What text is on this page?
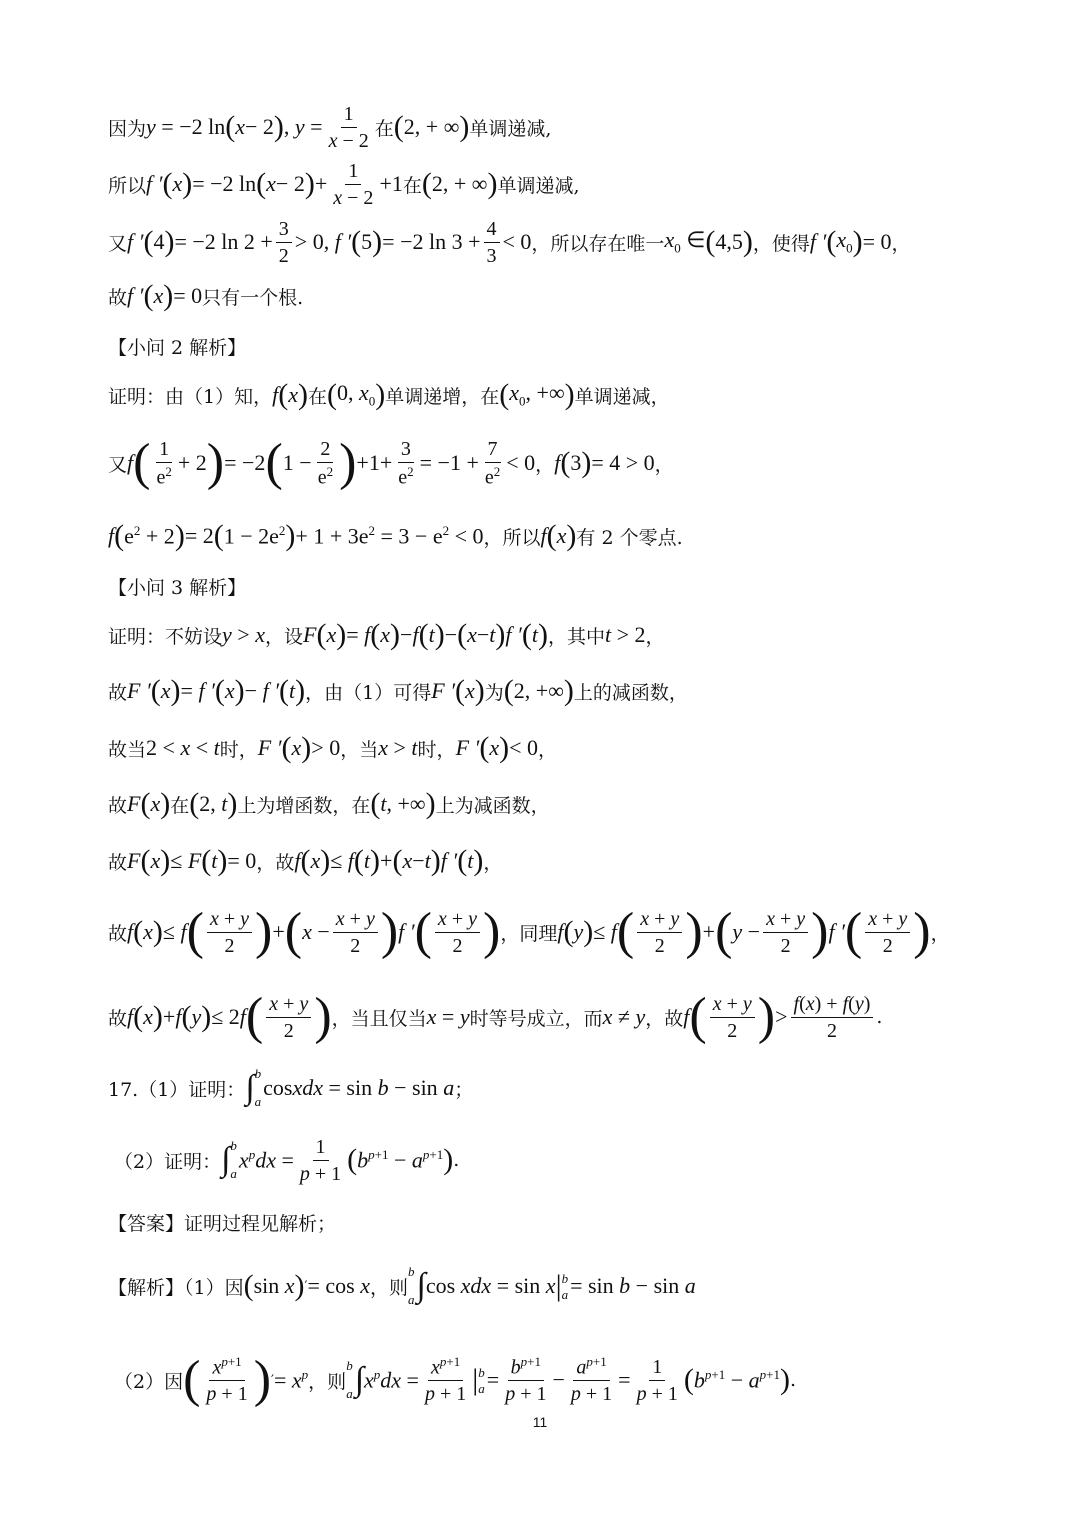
因为 y = −2 ln ( x − 2 ) , $y = \frac{1}{x - 2}$ 在 ( 2, + ∞ ) 单调递减,
所以 f ′ ( x ) = −2 ln ( x − 2 ) + $\frac{1}{x - 2} +1$ 在 ( 2, + ∞ ) 单调递减,
又 f ′ ( 4 ) = −2 $\ln 2 + \frac{3}{2} > 0$, f ′ ( 5 ) = −2 $\ln 3 + \frac{4}{3} < 0$ ，所以存在唯一 $x_0$ ∈ ( 4,5 ) ，使得 f ′ ( $x_0$ ) = 0 ，
故 f ′ ( x ) = 0 只有一个根.
【小问 2 解析】
证明：由（1）知， f ( x ) 在 ( 0, $x_0$ ) 单调递增，在 ( $x_0$, +∞ ) 单调递减，
又 f ( $\frac{1}{e^2} + 2$ ) = −2 ( $1 - \frac{2}{e^2}$ ) $+1+ \frac{3}{e^2} = -1 + \frac{7}{e^2} < 0$ ， f ( 3 ) = 4 > 0 ，
f ( $e^2 + 2$ ) = 2 ( $1 - 2e^2$ ) + $1 + 3e^2 = 3 - e^2 < 0$ ，所以 f ( x ) 有 2 个零点.
【小问 3 解析】
证明：不妨设 y > x ，设 F ( x ) = f ( x ) −f ( t ) − ( x−t ) f ′ ( t ) ，其中 t > 2 ，
故 F ′ ( x ) = f ′ ( x ) − f ′ ( t ) ，由（1）可得 F ′ ( x ) 为 ( 2, +∞ ) 上的减函数，
故当 2 < x < t 时， F ′ ( x ) > 0 ，当 x > t 时， F ′ ( x ) < 0 ，
故 F ( x ) 在 ( 2, t ) 上为增函数，在 ( t, +∞ ) 上为减函数，
故 F ( x ) ≤ F ( t ) = 0 ，故 f ( x ) ≤ f ( t ) + ( x−t ) f ′ ( t ) ，
故 f ( x ) ≤ f ( $\frac{x + y}{2}$ ) + ( $x - \frac{x + y}{2}$ ) f ′ ( $\frac{x + y}{2}$ ) ，同理 f ( y ) ≤ f ( $\frac{x + y}{2}$ ) + ( $y - \frac{x + y}{2}$ ) f ′ ( $\frac{x + y}{2}$ ) ，
故 f ( x ) +f ( y ) ≤ 2f ( $\frac{x + y}{2}$ ) ，当且仅当 x = y 时等号成立，而 x ≠ y ，故 f ( $\frac{x + y}{2}$ ) > $\frac{f(x) + f(y)}{2}$ .
17.（1）证明： ∫ b
a
cosxdx = sin b − sin a ；
（2）证明： ∫ b
a
$x^pdx = \frac{1}{p + 1}$ ( $b^{p+1} - a^{p+1}$ ) .
【答案】证明过程见解析；
【解析】（1）因 ( sin x ) ′ = cos x ，则
b
a ∫ cos xdx = sin x | b
a = sin b − sin a
（2）因 ( $\frac{x^{p+1}}{p + 1}$ ) ′ = $x^p$ ，则
b
a ∫ $x^pdx = \frac{x^{p+1}}{p + 1}$ | b
$a = \frac{b^{p+1}}{p + 1} - \frac{a^{p+1}}{p + 1} = \frac{1}{p + 1}$ ( $b^{p+1} - a^{p+1}$ ) .
11
